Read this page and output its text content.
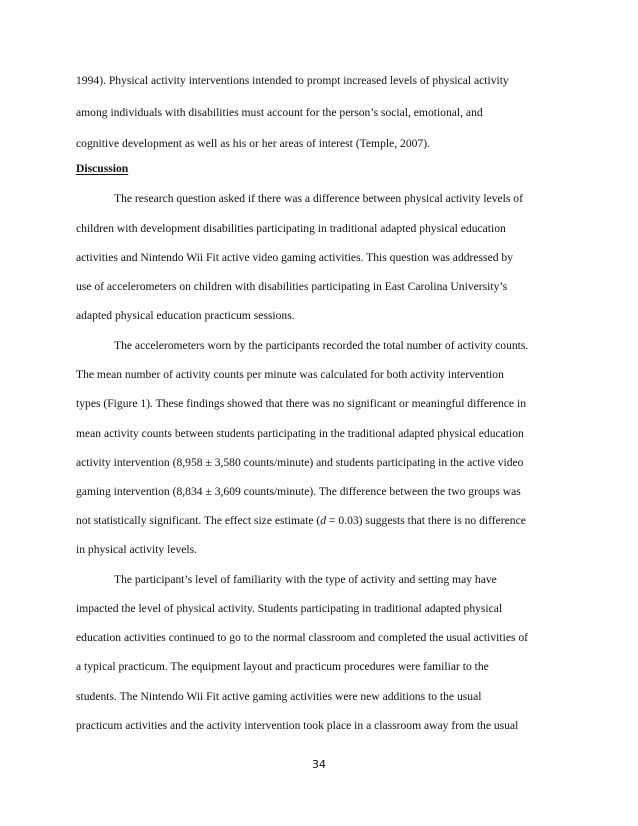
1994). Physical activity interventions intended to prompt increased levels of physical activity

among individuals with disabilities must account for the person’s social, emotional, and

cognitive development as well as his or her areas of interest (Temple, 2007).

Discussion

The research question asked if there was a difference between physical activity levels of

children with development disabilities participating in traditional adapted physical education

activities and Nintendo Wii Fit active video gaming activities. This question was addressed by

use of accelerometers on children with disabilities participating in East Carolina University’s

adapted physical education practicum sessions.

The accelerometers worn by the participants recorded the total number of activity counts.

The mean number of activity counts per minute was calculated for both activity intervention

types (Figure 1). These findings showed that there was no significant or meaningful difference in

mean activity counts between students participating in the traditional adapted physical education

activity intervention (8,958 ± 3,580 counts/minute) and students participating in the active video

gaming intervention (8,834 ± 3,609 counts/minute). The difference between the two groups was

not statistically significant. The effect size estimate (d = 0.03) suggests that there is no difference

in physical activity levels.

The participant’s level of familiarity with the type of activity and setting may have

impacted the level of physical activity. Students participating in traditional adapted physical

education activities continued to go to the normal classroom and completed the usual activities of

a typical practicum. The equipment layout and practicum procedures were familiar to the

students. The Nintendo Wii Fit active gaming activities were new additions to the usual

practicum activities and the activity intervention took place in a classroom away from the usual

34
